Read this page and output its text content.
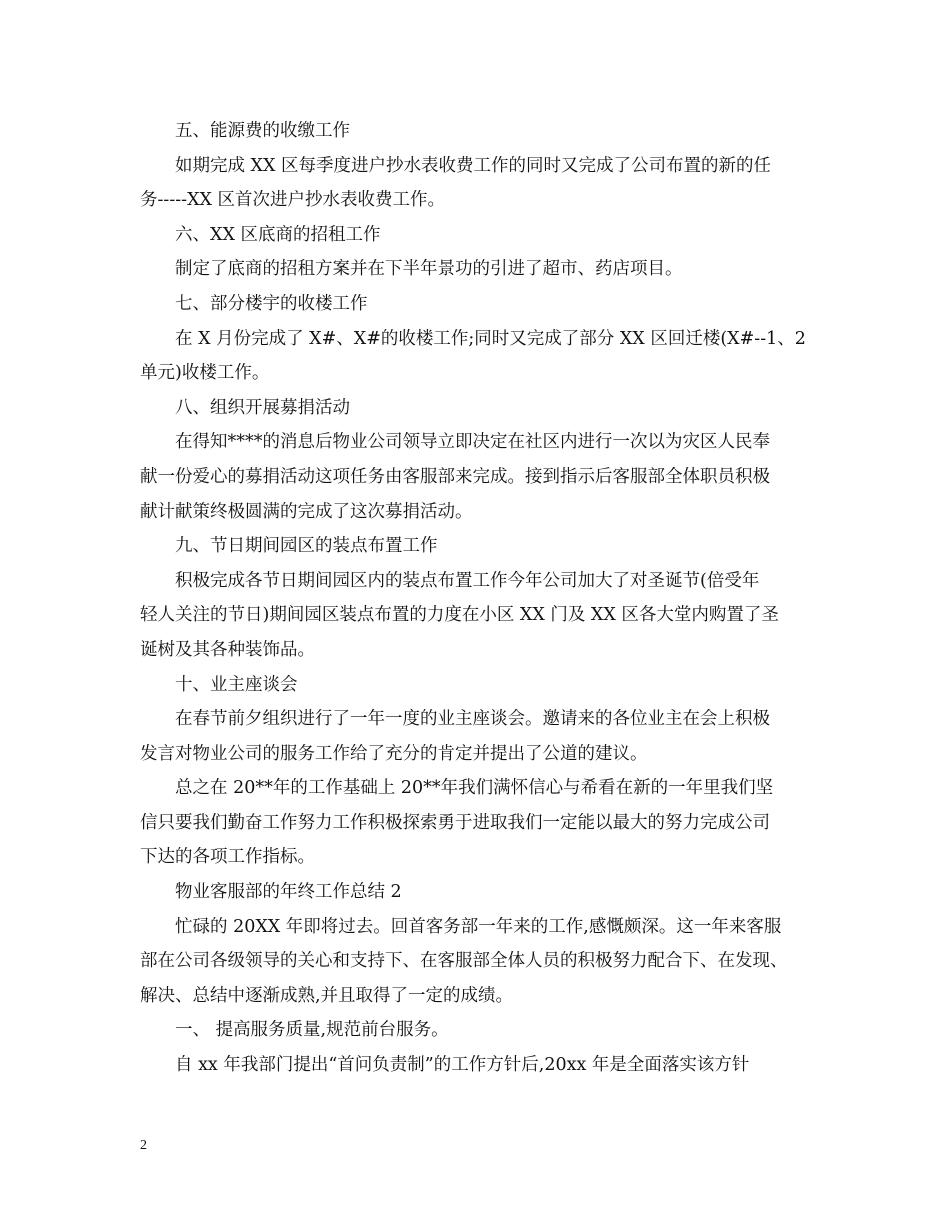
五、能源费的收缴工作
如期完成 XX 区每季度进户抄水表收费工作的同时又完成了公司布置的新的任
务-----XX 区首次进户抄水表收费工作。
六、XX 区底商的招租工作
制定了底商的招租方案并在下半年景功的引进了超市、药店项目。
七、部分楼宇的收楼工作
在 X 月份完成了 X#、X#的收楼工作;同时又完成了部分 XX 区回迁楼(X#--1、2
单元)收楼工作。
八、组织开展募捐活动
在得知****的消息后物业公司领导立即决定在社区内进行一次以为灾区人民奉
献一份爱心的募捐活动这项任务由客服部来完成。接到指示后客服部全体职员积极
献计献策终极圆满的完成了这次募捐活动。
九、节日期间园区的装点布置工作
积极完成各节日期间园区内的装点布置工作今年公司加大了对圣诞节(倍受年
轻人关注的节日)期间园区装点布置的力度在小区 XX 门及 XX 区各大堂内购置了圣
诞树及其各种装饰品。
十、业主座谈会
在春节前夕组织进行了一年一度的业主座谈会。邀请来的各位业主在会上积极
发言对物业公司的服务工作给了充分的肯定并提出了公道的建议。
总之在 20**年的工作基础上 20**年我们满怀信心与希看在新的一年里我们坚
信只要我们勤奋工作努力工作积极探索勇于进取我们一定能以最大的努力完成公司
下达的各项工作指标。
物业客服部的年终工作总结 2
忙碌的 20XX 年即将过去。回首客务部一年来的工作,感慨颇深。这一年来客服
部在公司各级领导的关心和支持下、在客服部全体人员的积极努力配合下、在发现、
解决、总结中逐渐成熟,并且取得了一定的成绩。
一、 提高服务质量,规范前台服务。
自 xx 年我部门提出“首问负责制”的工作方针后,20xx 年是全面落实该方针
2
